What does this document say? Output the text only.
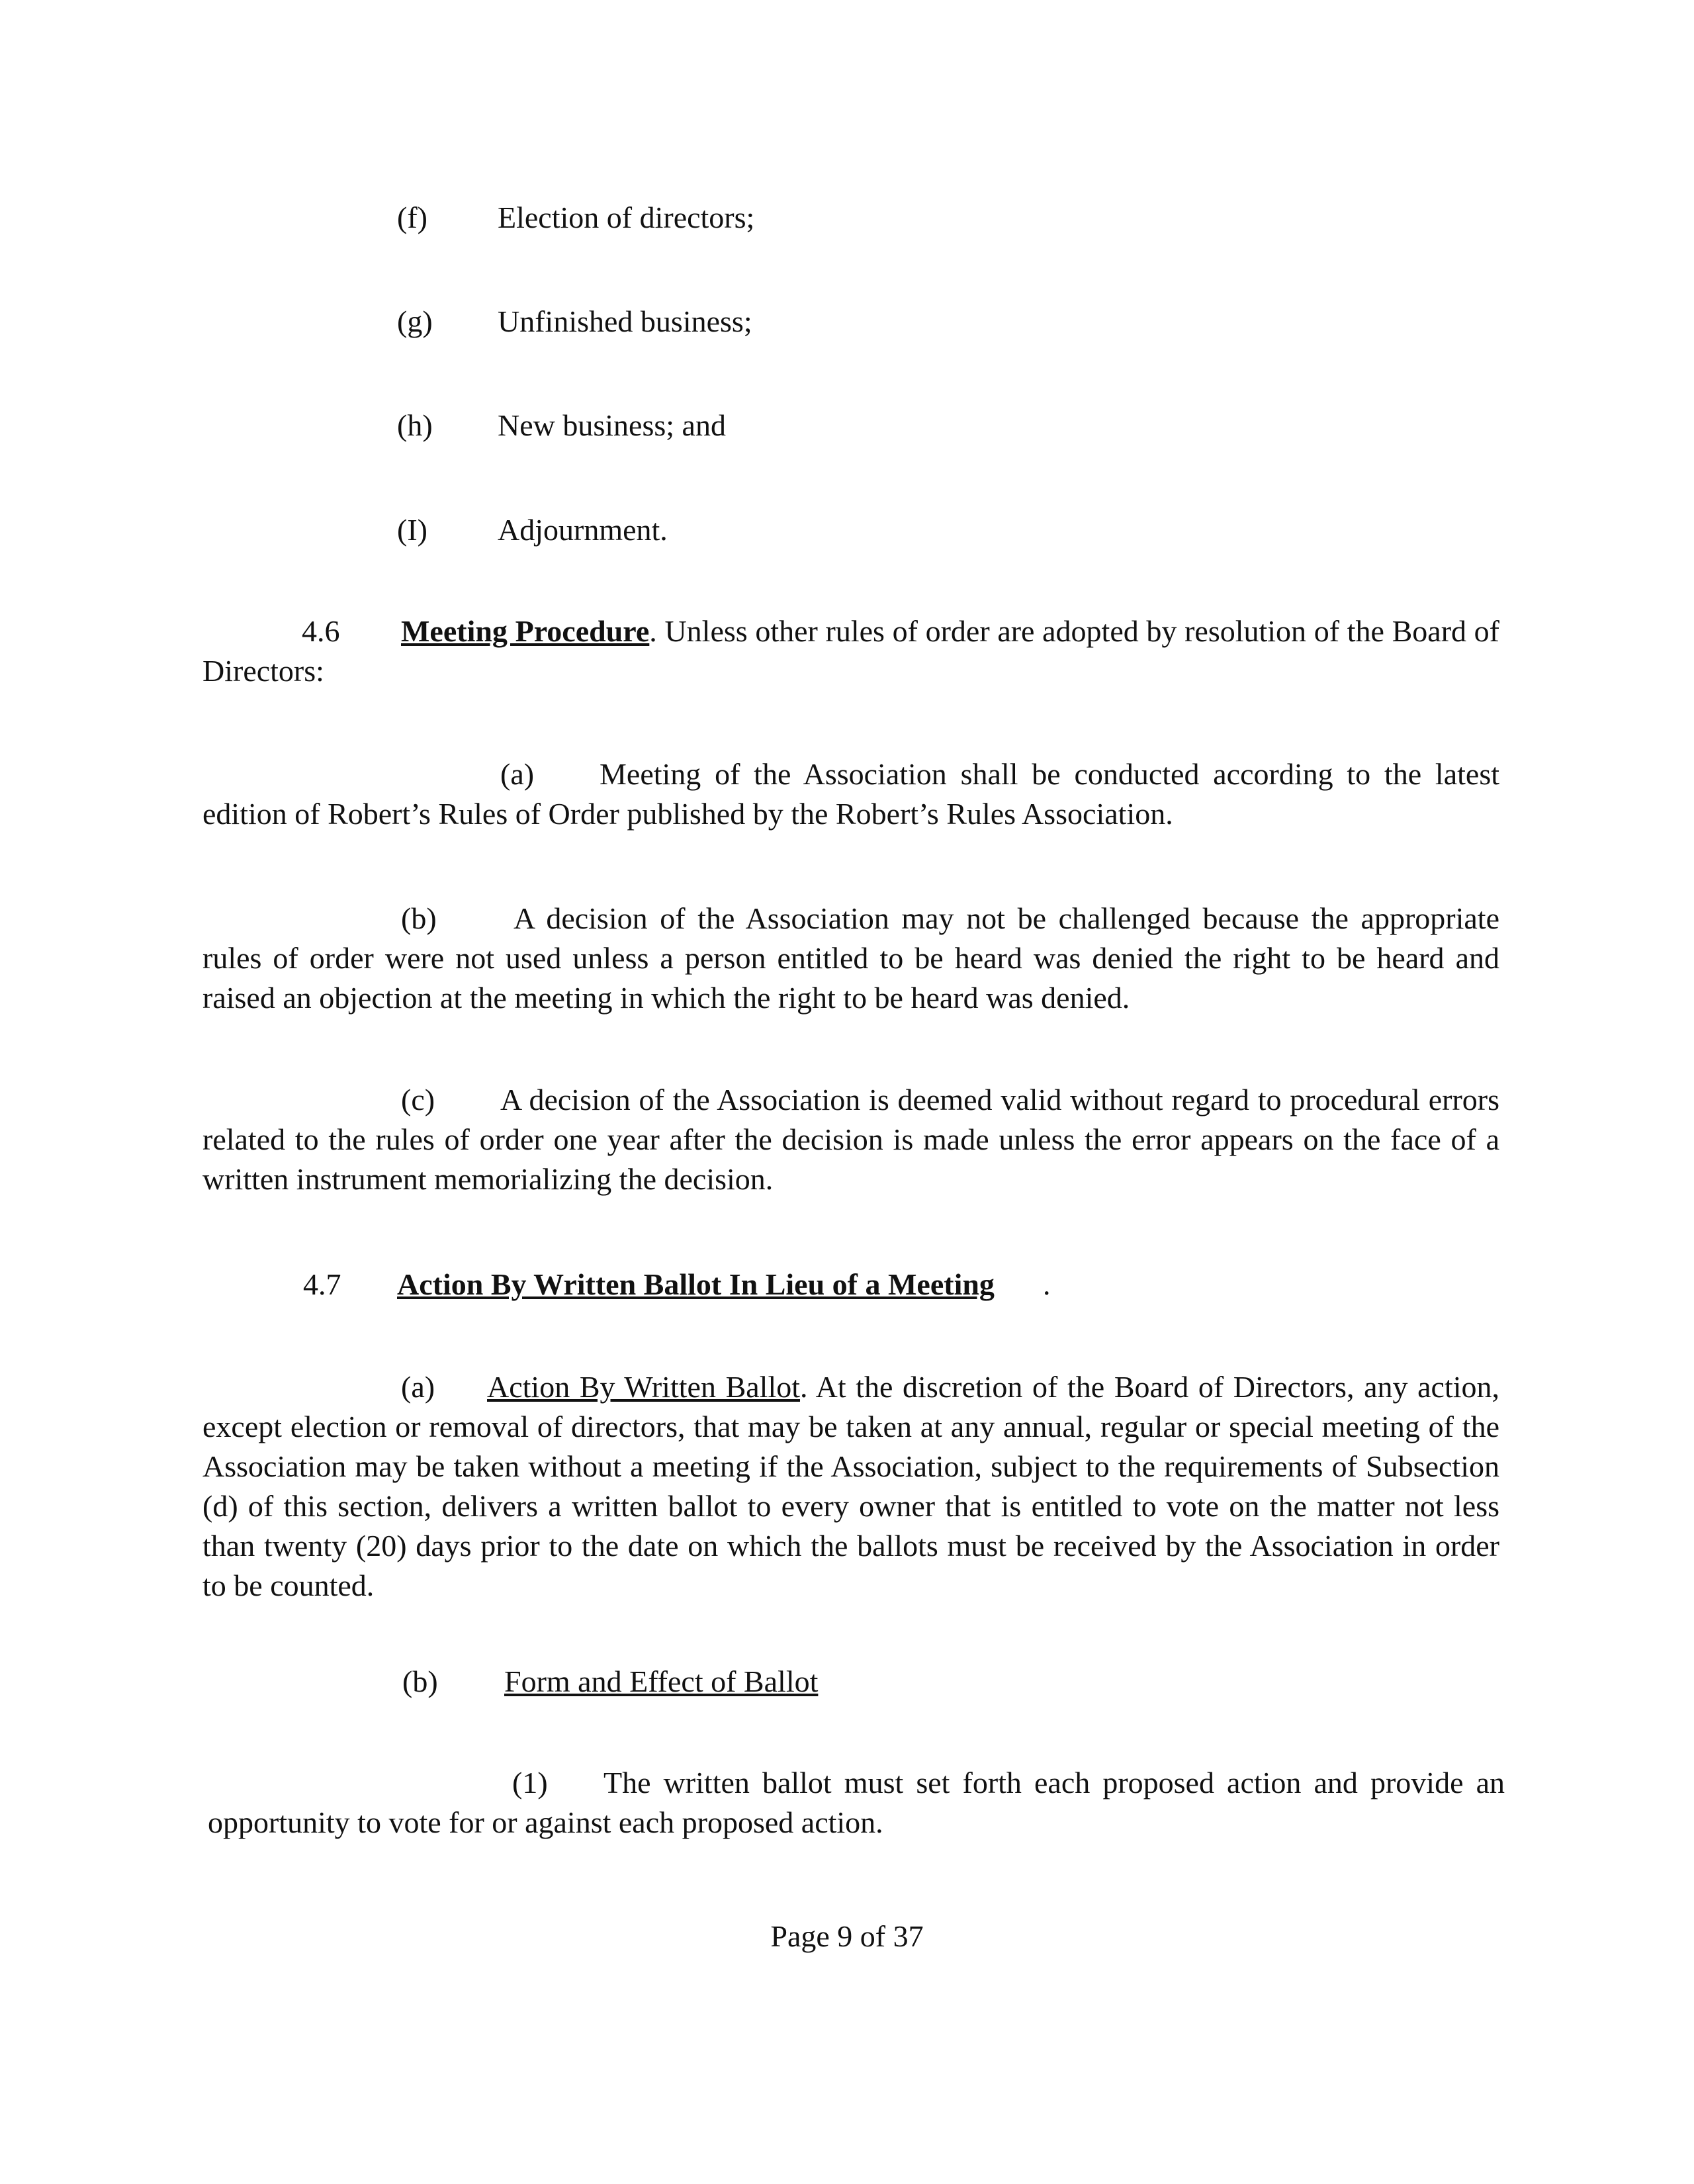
(f) Election of directors;
(g) Unfinished business;
(h) New business; and
(I) Adjournment.
4.6 Meeting Procedure. Unless other rules of order are adopted by resolution of the Board of Directors:
(a) Meeting of the Association shall be conducted according to the latest edition of Robert’s Rules of Order published by the Robert’s Rules Association.
(b)	A decision of the Association may not be challenged because the appropriate rules of order were not used unless a person entitled to be heard was denied the right to be heard and raised an objection at the meeting in which the right to be heard was denied.
(c) A decision of the Association is deemed valid without regard to procedural errors related to the rules of order one year after the decision is made unless the error appears on the face of a written instrument memorializing the decision.
4.7 Action By Written Ballot In Lieu of a Meeting .
(a) Action By Written Ballot. At the discretion of the Board of Directors, any action, except election or removal of directors, that may be taken at any annual, regular or special meeting of the Association may be taken without a meeting if the Association, subject to the requirements of Subsection (d) of this section, delivers a written ballot to every owner that is entitled to vote on the matter not less than twenty (20) days prior to the date on which the ballots must be received by the Association in order to be counted.
(b) Form and Effect of Ballot
(1) The written ballot must set forth each proposed action and provide an opportunity to vote for or against each proposed action.
Page 9 of 37
